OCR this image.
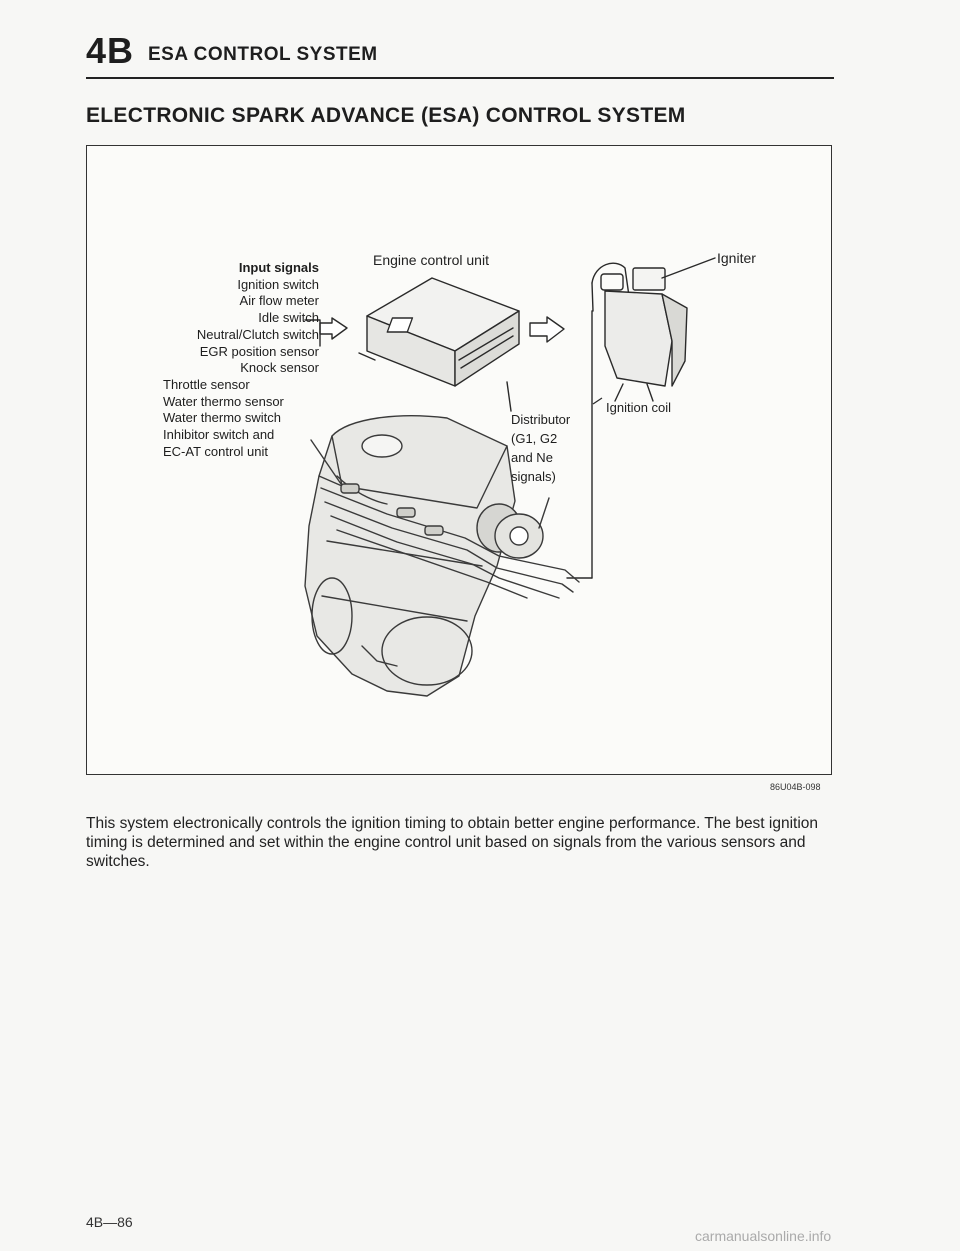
4B ESA CONTROL SYSTEM
ELECTRONIC SPARK ADVANCE (ESA) CONTROL SYSTEM
Engine control unit	Igniter
Ignition coil
Input signals
Ignition switch
Air flow meter
Idle switch
Neutral/Clutch switch
EGR position sensor
Knock sensor
Throttle sensor
Water thermo sensor
Water thermo switch
Inhibitor switch and
EC-AT control unit
Distributor
(G1, G2
and Ne
signals)
86U04B-098

This system electronically controls the ignition timing to obtain better engine performance. The best ignition timing is determined and set within the engine control unit based on signals from the various sensors and switches.

4B—86
carmanualsonline.info
